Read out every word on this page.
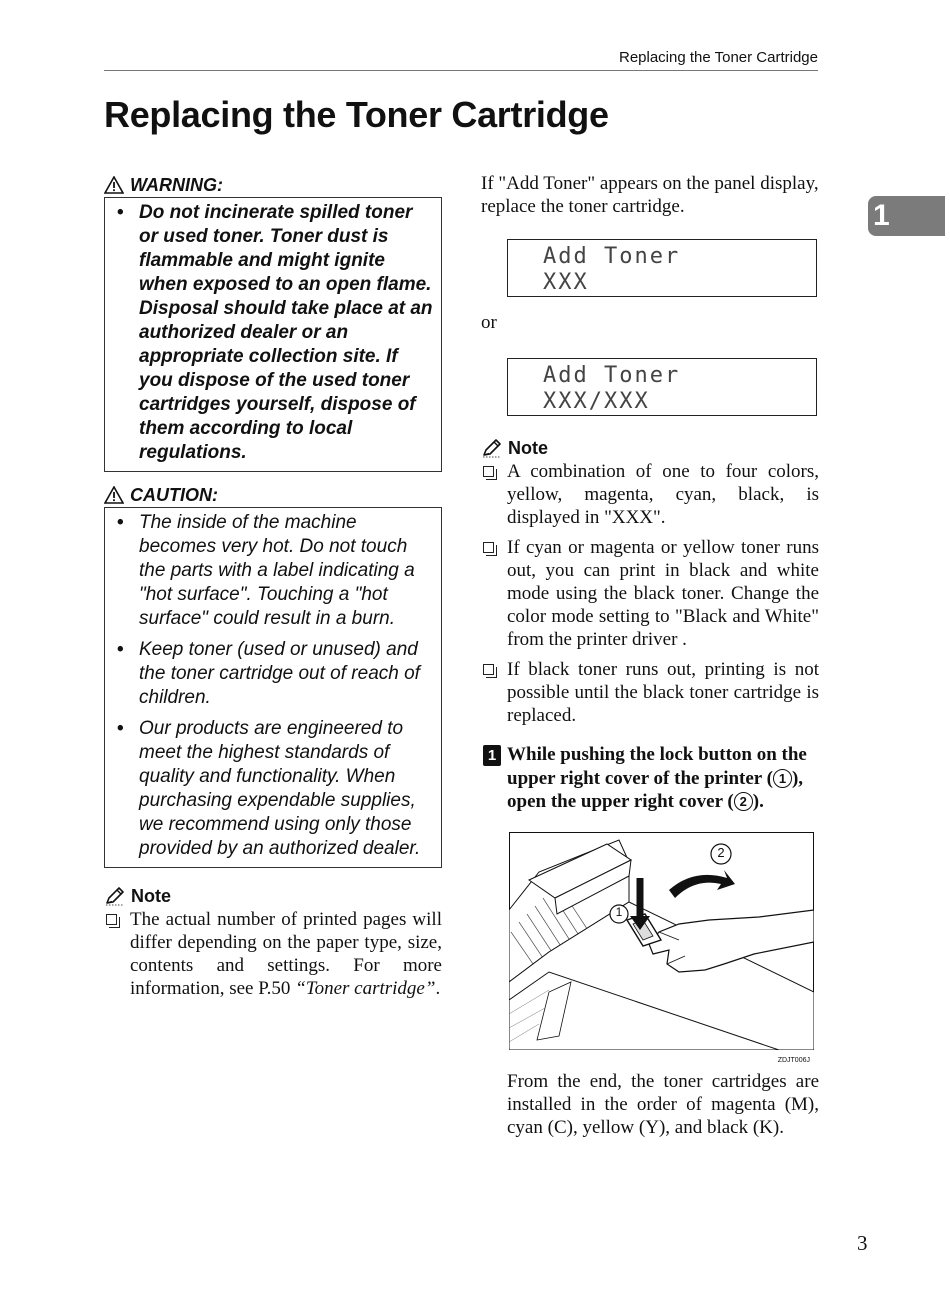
Replacing the Toner Cartridge
Replacing the Toner Cartridge
1
WARNING:
• Do not incinerate spilled toner or used toner. Toner dust is flammable and might ignite when exposed to an open flame. Disposal should take place at an authorized dealer or an appropriate collection site. If you dispose of the used toner cartridges yourself, dispose of them according to local regulations.
CAUTION:
• The inside of the machine becomes very hot. Do not touch the parts with a label indicating a "hot surface". Touching a "hot surface" could result in a burn.
• Keep toner (used or unused) and the toner cartridge out of reach of children.
• Our products are engineered to meet the highest standards of quality and functionality. When purchasing expendable supplies, we recommend using only those provided by an authorized dealer.
Note
The actual number of printed pages will differ depending on the paper type, size, contents and settings. For more information, see P.50 “Toner cartridge”.

If "Add Toner" appears on the panel display, replace the toner cartridge.

Add Toner
XXX
or
Add Toner
XXX/XXX
Note
A combination of one to four colors, yellow, magenta, cyan, black, is displayed in "XXX".
If cyan or magenta or yellow toner runs out, you can print in black and white mode using the black toner. Change the color mode setting to "Black and White" from the printer driver .
If black toner runs out, printing is not possible until the black toner cartridge is replaced.
1 While pushing the lock button on the upper right cover of the printer ( 1 ), open the upper right cover ( 2 ).
1
2
ZDJT006J

From the end, the toner cartridges are installed in the order of magenta (M), cyan (C), yellow (Y), and black (K).

3
